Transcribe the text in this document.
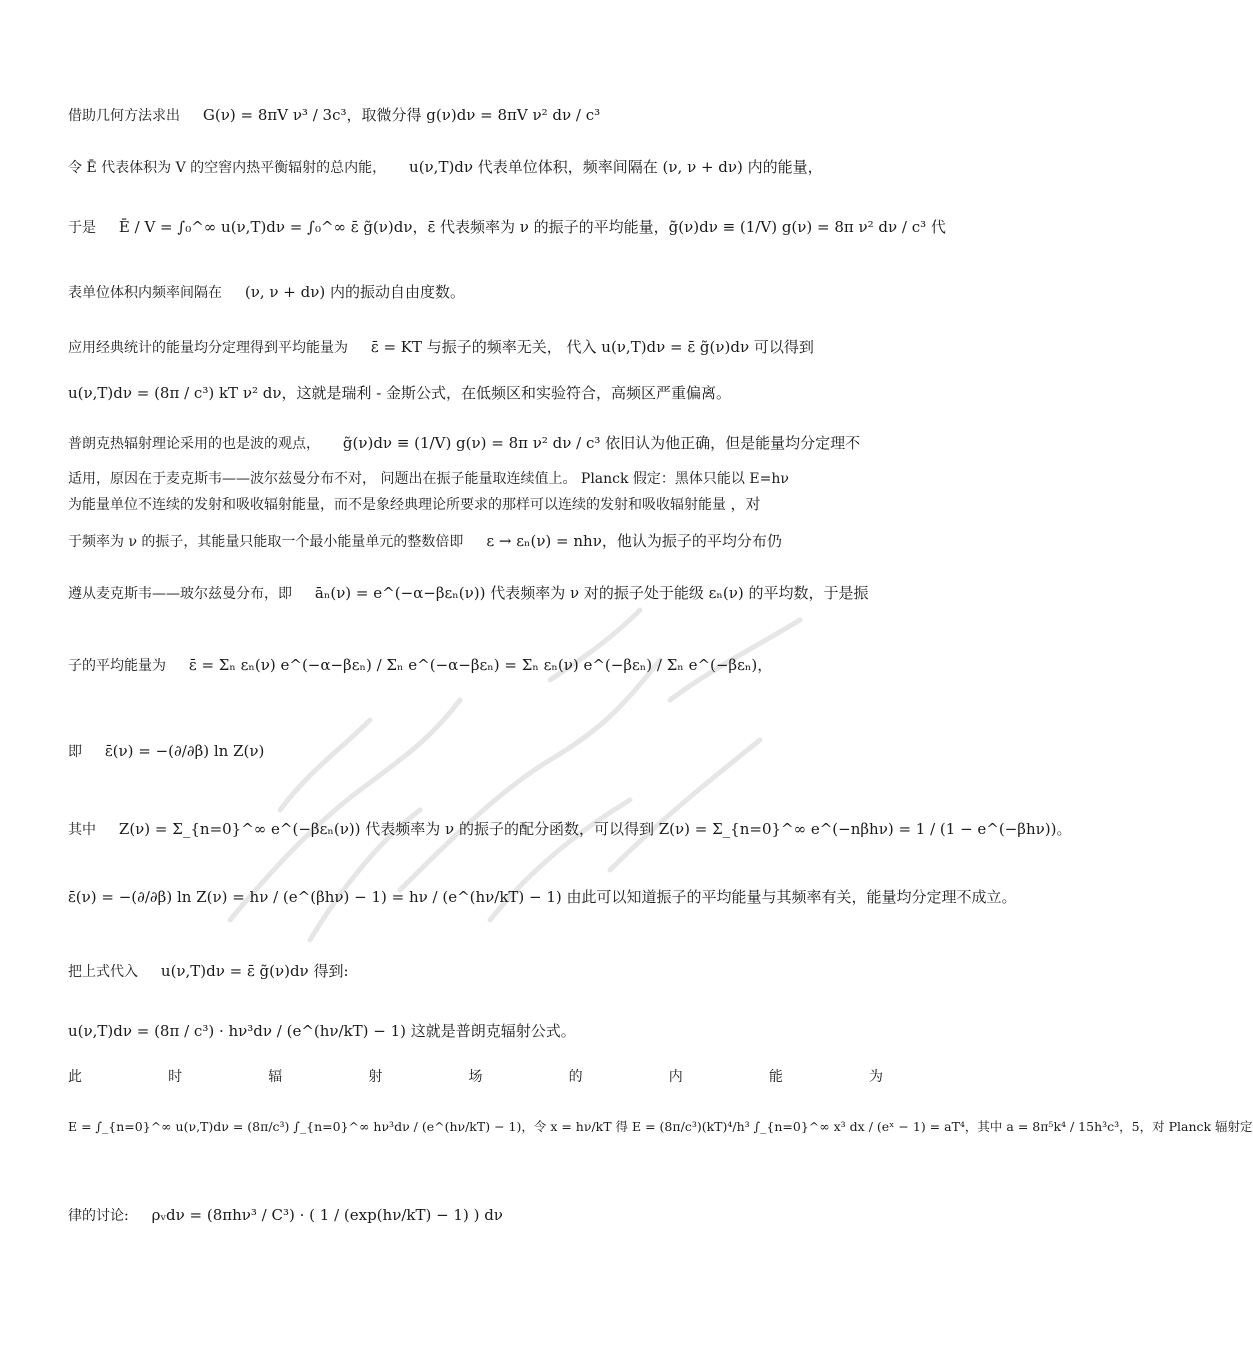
借助几何方法求出 G(ν) = 8πV ν³ / 3c³，取微分得 g(ν)dν = 8πV ν² dν / c³
令 Ē 代表体积为 V 的空窖内热平衡辐射的总内能， u(ν,T)dν 代表单位体积，频率间隔在 (ν, ν + dν) 内的能量，
于是 Ē / V = ∫₀^∞ u(ν,T)dν = ∫₀^∞ ε̄ g̃(ν)dν，ε̄ 代表频率为 ν 的振子的平均能量，g̃(ν)dν ≡ (1/V) g(ν) = 8π ν² dν / c³ 代
表单位体积内频率间隔在 (ν, ν + dν) 内的振动自由度数。
应用经典统计的能量均分定理得到平均能量为 ε̄ = KT 与振子的频率无关， 代入 u(ν,T)dν = ε̄ g̃(ν)dν 可以得到
u(ν,T)dν = (8π / c³) kT ν² dν，这就是瑞利 - 金斯公式，在低频区和实验符合，高频区严重偏离。
普朗克热辐射理论采用的也是波的观点， g̃(ν)dν ≡ (1/V) g(ν) = 8π ν² dν / c³ 依旧认为他正确，但是能量均分定理不
适用，原因在于麦克斯韦——波尔兹曼分布不对， 问题出在振子能量取连续值上。 Planck 假定：黑体只能以 E=hν
为能量单位不连续的发射和吸收辐射能量，而不是象经典理论所要求的那样可以连续的发射和吸收辐射能量 ，对
于频率为 ν 的振子，其能量只能取一个最小能量单元的整数倍即 ε → εₙ(ν) = nhν，他认为振子的平均分布仍
遵从麦克斯韦——玻尔兹曼分布，即 āₙ(ν) = e^(−α−βεₙ(ν)) 代表频率为 ν 对的振子处于能级 εₙ(ν) 的平均数，于是振
子的平均能量为 ε̄ = Σₙ εₙ(ν) e^(−α−βεₙ) / Σₙ e^(−α−βεₙ) = Σₙ εₙ(ν) e^(−βεₙ) / Σₙ e^(−βεₙ)，
即 ε̄(ν) = −(∂/∂β) ln Z(ν)
其中 Z(ν) = Σ_{n=0}^∞ e^(−βεₙ(ν)) 代表频率为 ν 的振子的配分函数，可以得到 Z(ν) = Σ_{n=0}^∞ e^(−nβhν) = 1 / (1 − e^(−βhν))。
ε̄(ν) = −(∂/∂β) ln Z(ν) = hν / (e^(βhν) − 1) = hν / (e^(hν/kT) − 1) 由此可以知道振子的平均能量与其频率有关，能量均分定理不成立。
把上式代入 u(ν,T)dν = ε̄ g̃(ν)dν 得到:
u(ν,T)dν = (8π / c³) · hν³dν / (e^(hν/kT) − 1) 这就是普朗克辐射公式。
此	时	辐	射	场	的	内	能	为
E = ∫_{n=0}^∞ u(ν,T)dν = (8π/c³) ∫_{n=0}^∞ hν³dν / (e^(hν/kT) − 1)，令 x = hν/kT 得 E = (8π/c³)(kT)⁴/h³ ∫_{n=0}^∞ x³ dx / (eˣ − 1) = aT⁴，其中 a = 8π⁵k⁴ / 15h³c³，5，对 Planck 辐射定
律的讨论: ρᵥdν = (8πhν³ / C³) · ( 1 / (exp(hν/kT) − 1) ) dν
